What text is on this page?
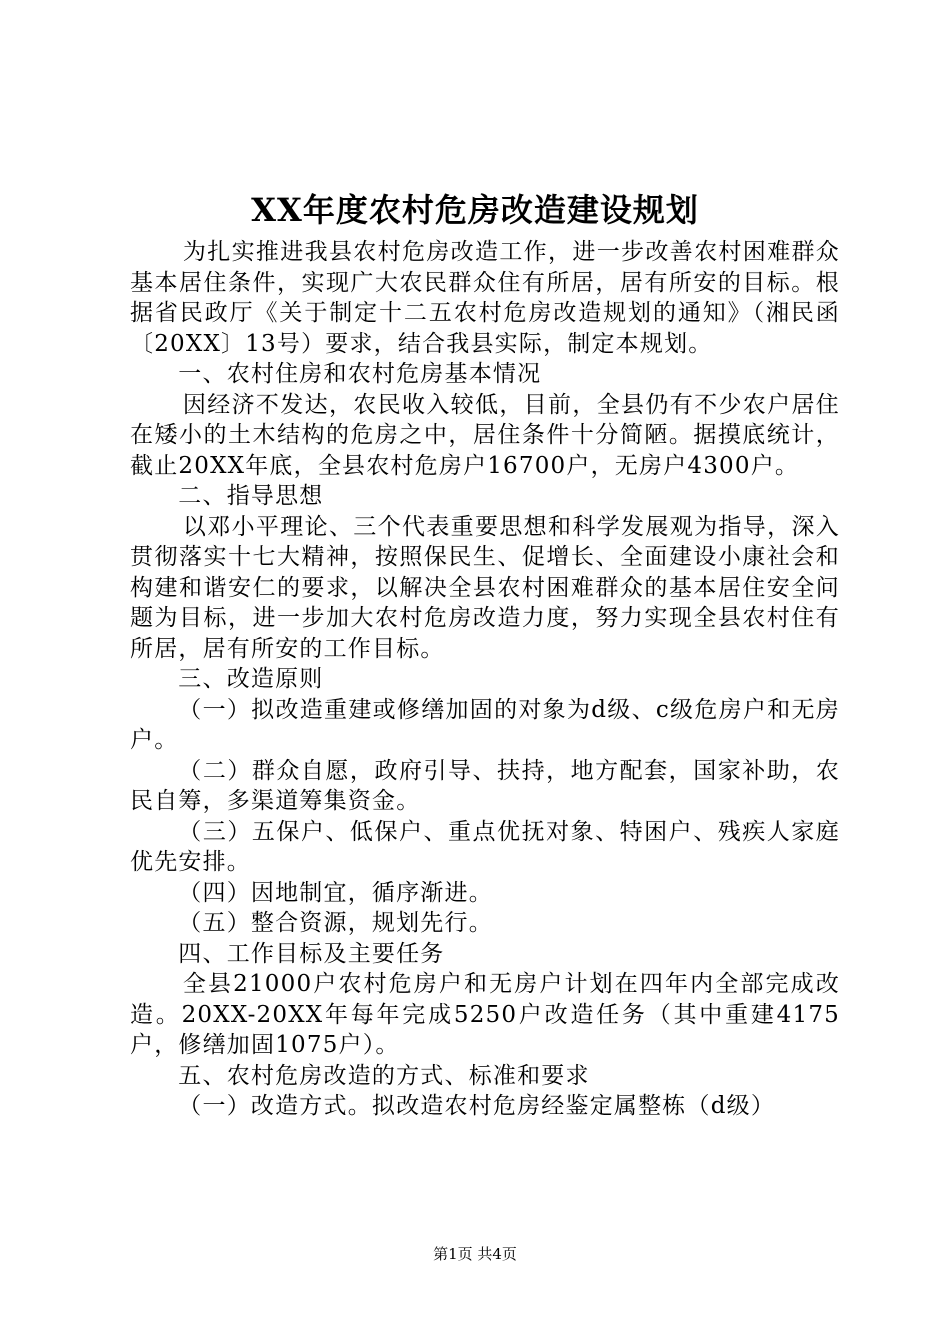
XX年度农村危房改造建设规划

为扎实推进我县农村危房改造工作，进一步改善农村困难群众基本居住条件，实现广大农民群众住有所居，居有所安的目标。根据省民政厅《关于制定十二五农村危房改造规划的通知》（湘民函〔20XX〕13号）要求，结合我县实际，制定本规划。

一、农村住房和农村危房基本情况

因经济不发达，农民收入较低，目前，全县仍有不少农户居住在矮小的土木结构的危房之中，居住条件十分简陋。据摸底统计，截止20XX年底，全县农村危房户16700户，无房户4300户。

二、指导思想

以邓小平理论、三个代表重要思想和科学发展观为指导，深入贯彻落实十七大精神，按照保民生、促增长、全面建设小康社会和构建和谐安仁的要求，以解决全县农村困难群众的基本居住安全问题为目标，进一步加大农村危房改造力度，努力实现全县农村住有所居，居有所安的工作目标。

三、改造原则

（一）拟改造重建或修缮加固的对象为d级、c级危房户和无房户。

（二）群众自愿，政府引导、扶持，地方配套，国家补助，农民自筹，多渠道筹集资金。

（三）五保户、低保户、重点优抚对象、特困户、残疾人家庭优先安排。

（四）因地制宜，循序渐进。

（五）整合资源，规划先行。

四、工作目标及主要任务

全县21000户农村危房户和无房户计划在四年内全部完成改造。20XX-20XX年每年完成5250户改造任务（其中重建4175户，修缮加固1075户）。

五、农村危房改造的方式、标准和要求

（一）改造方式。拟改造农村危房经鉴定属整栋（d级）

第1页 共4页
